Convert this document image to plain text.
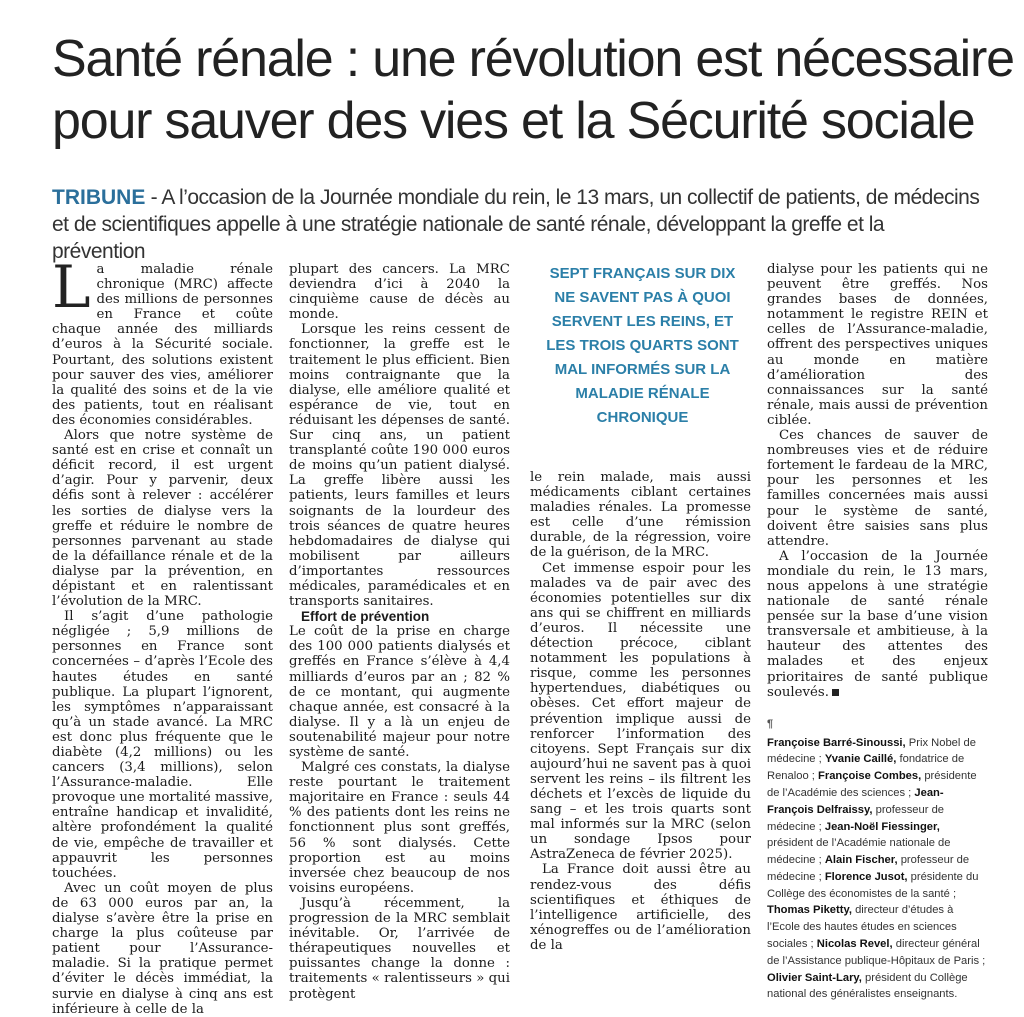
Santé rénale : une révolution est nécessaire
pour sauver des vies et la Sécurité sociale

TRIBUNE - A l’occasion de la Journée mondiale du rein, le 13 mars, un collectif de patients, de médecins et de scientifiques appelle à une stratégie nationale de santé rénale, développant la greffe et la prévention

La maladie rénale chronique (MRC) affecte des millions de personnes en France et coûte chaque année des milliards d’euros à la Sécurité sociale. Pourtant, des solutions existent pour sauver des vies, améliorer la qualité des soins et de la vie des patients, tout en réalisant des économies considérables.

Alors que notre système de santé est en crise et connaît un déficit record, il est urgent d’agir. Pour y parvenir, deux défis sont à relever : accélérer les sorties de dialyse vers la greffe et réduire le nombre de personnes parvenant au stade de la défaillance rénale et de la dialyse par la prévention, en dépistant et en ralentissant l’évolution de la MRC.

Il s’agit d’une pathologie négligée ; 5,9 millions de personnes en France sont concernées – d’après l’Ecole des hautes études en santé publique. La plupart l’ignorent, les symptômes n’apparaissant qu’à un stade avancé. La MRC est donc plus fréquente que le diabète (4,2 millions) ou les cancers (3,4 millions), selon l’Assurance-maladie. Elle provoque une mortalité massive, entraîne handicap et invalidité, altère profondément la qualité de vie, empêche de travailler et appauvrit les personnes touchées.

Avec un coût moyen de plus de 63 000 euros par an, la dialyse s’avère être la prise en charge la plus coûteuse par patient pour l’Assurance-maladie. Si la pratique permet d’éviter le décès immédiat, la survie en dialyse à cinq ans est inférieure à celle de la

plupart des cancers. La MRC deviendra d’ici à 2040 la cinquième cause de décès au monde.

Lorsque les reins cessent de fonctionner, la greffe est le traitement le plus efficient. Bien moins contraignante que la dialyse, elle améliore qualité et espérance de vie, tout en réduisant les dépenses de santé. Sur cinq ans, un patient transplanté coûte 190 000 euros de moins qu’un patient dialysé. La greffe libère aussi les patients, leurs familles et leurs soignants de la lourdeur des trois séances de quatre heures hebdomadaires de dialyse qui mobilisent par ailleurs d’importantes ressources médicales, paramédicales et en transports sanitaires.

Effort de prévention

Le coût de la prise en charge des 100 000 patients dialysés et greffés en France s’élève à 4,4 milliards d’euros par an ; 82 % de ce montant, qui augmente chaque année, est consacré à la dialyse. Il y a là un enjeu de soutenabilité majeur pour notre système de santé.

Malgré ces constats, la dialyse reste pourtant le traitement majoritaire en France : seuls 44 % des patients dont les reins ne fonctionnent plus sont greffés, 56 % sont dialysés. Cette proportion est au moins inversée chez beaucoup de nos voisins européens.

Jusqu’à récemment, la progression de la MRC semblait inévitable. Or, l’arrivée de thérapeutiques nouvelles et puissantes change la donne : traitements « ralentisseurs » qui protègent

SEPT FRANÇAIS SUR DIX NE SAVENT PAS À QUOI SERVENT LES REINS, ET LES TROIS QUARTS SONT MAL INFORMÉS SUR LA MALADIE RÉNALE CHRONIQUE

le rein malade, mais aussi médicaments ciblant certaines maladies rénales. La promesse est celle d’une rémission durable, de la régression, voire de la guérison, de la MRC.

Cet immense espoir pour les malades va de pair avec des économies potentielles sur dix ans qui se chiffrent en milliards d’euros. Il nécessite une détection précoce, ciblant notamment les populations à risque, comme les personnes hypertendues, diabétiques ou obèses. Cet effort majeur de prévention implique aussi de renforcer l’information des citoyens. Sept Français sur dix aujourd’hui ne savent pas à quoi servent les reins – ils filtrent les déchets et l’excès de liquide du sang – et les trois quarts sont mal informés sur la MRC (selon un sondage Ipsos pour AstraZeneca de février 2025).

La France doit aussi être au rendez-vous des défis scientifiques et éthiques de l’intelligence artificielle, des xénogreffes ou de l’amélioration de la

dialyse pour les patients qui ne peuvent être greffés. Nos grandes bases de données, notamment le registre REIN et celles de l’Assurance-maladie, offrent des perspectives uniques au monde en matière d’amélioration des connaissances sur la santé rénale, mais aussi de prévention ciblée.

Ces chances de sauver de nombreuses vies et de réduire fortement le fardeau de la MRC, pour les personnes et les familles concernées mais aussi pour le système de santé, doivent être saisies sans plus attendre.

A l’occasion de la Journée mondiale du rein, le 13 mars, nous appelons à une stratégie nationale de santé rénale pensée sur la base d’une vision transversale et ambitieuse, à la hauteur des attentes des malades et des enjeux prioritaires de santé publique soulevés.

¶
Françoise Barré-Sinoussi, Prix Nobel de médecine ; Yvanie Caillé, fondatrice de Renaloo ; Françoise Combes, présidente de l’Académie des sciences ; Jean-François Delfraissy, professeur de médecine ; Jean-Noël Fiessinger, président de l’Académie nationale de médecine ; Alain Fischer, professeur de médecine ; Florence Jusot, présidente du Collège des économistes de la santé ; Thomas Piketty, directeur d’études à l’Ecole des hautes études en sciences sociales ; Nicolas Revel, directeur général de l’Assistance publique-Hôpitaux de Paris ; Olivier Saint-Lary, président du Collège national des généralistes enseignants.
